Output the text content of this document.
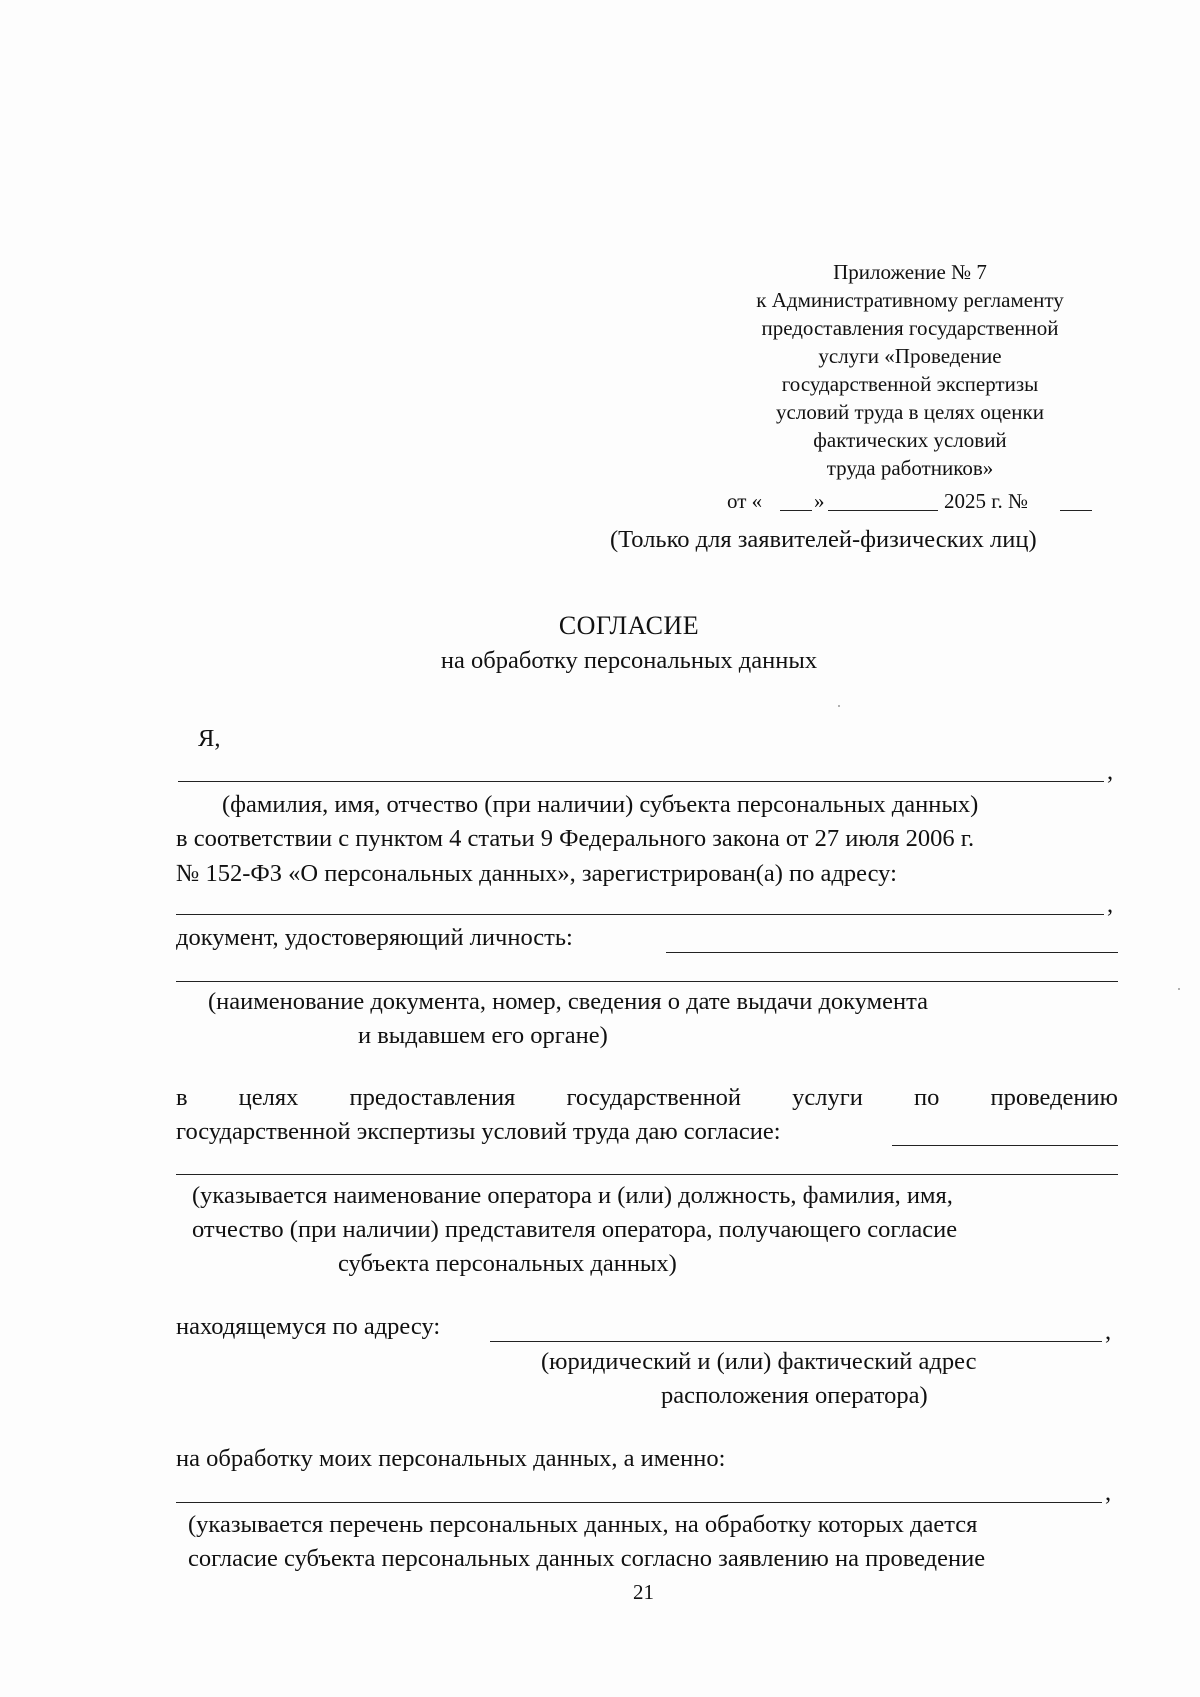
Приложение № 7
к Административному регламенту
предоставления государственной
услуги «Проведение
государственной экспертизы
условий труда в целях оценки
фактических условий
труда работников»
от « »	2025 г. №
(Только для заявителей-физических лиц)
СОГЛАСИЕ
на обработку персональных данных
Я,
,
(фамилия, имя, отчество (при наличии) субъекта персональных данных)
в соответствии с пунктом 4 статьи 9 Федерального закона от 27 июля 2006 г.
№ 152-ФЗ «О персональных данных», зарегистрирован(а) по адресу:
,
документ, удостоверяющий личность:
(наименование документа, номер, сведения о дате выдачи документа
и выдавшем его органе)
в целях предоставления государственной услуги по проведению
государственной экспертизы условий труда даю согласие:
(указывается наименование оператора и (или) должность, фамилия, имя,
отчество (при наличии) представителя оператора, получающего согласие
субъекта персональных данных)
находящемуся по адресу:	,
(юридический и (или) фактический адрес
расположения оператора)
на обработку моих персональных данных, а именно:
,
(указывается перечень персональных данных, на обработку которых дается
согласие субъекта персональных данных согласно заявлению на проведение
21
